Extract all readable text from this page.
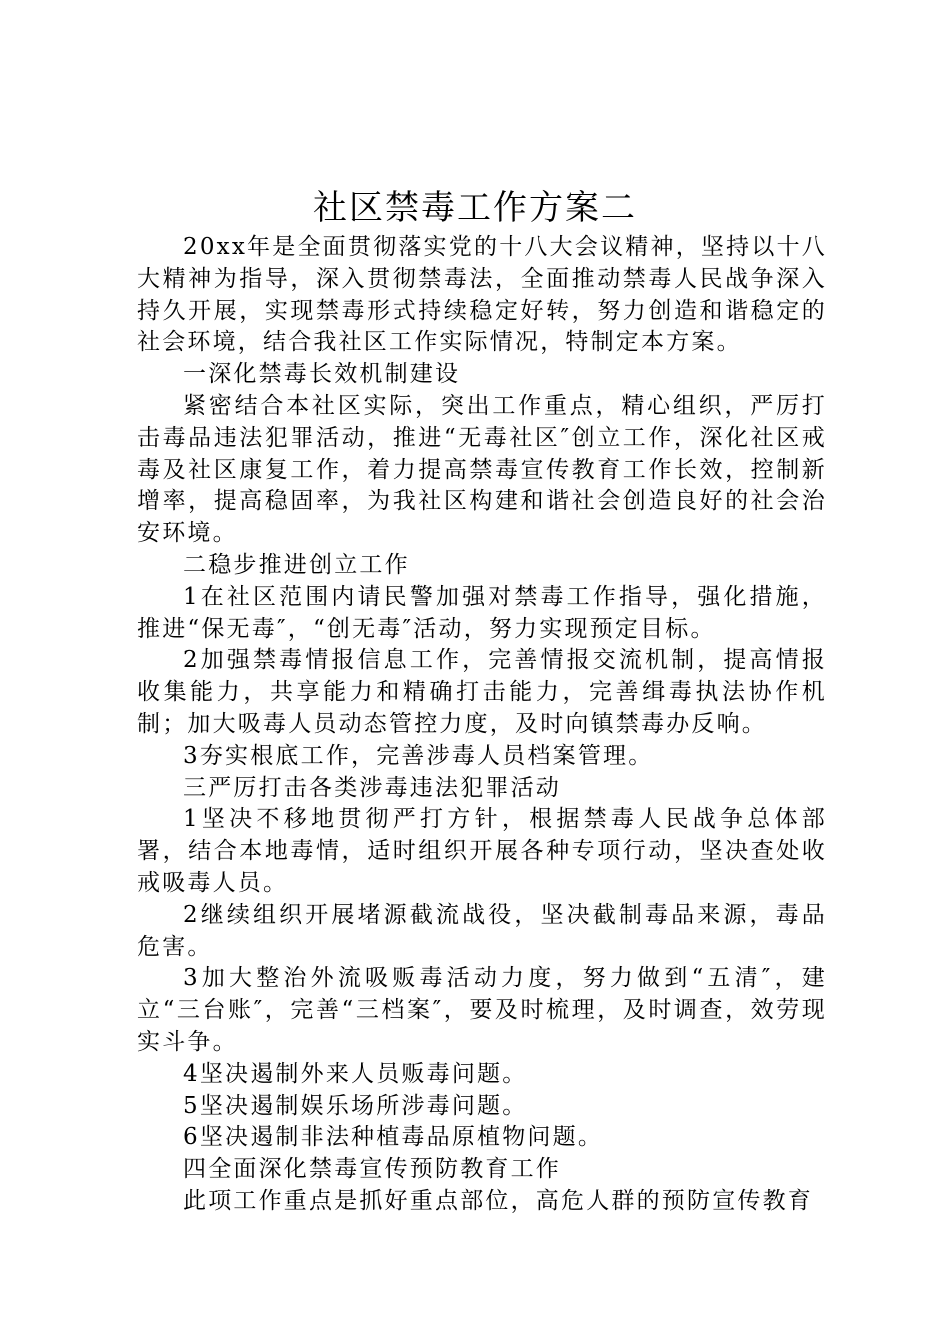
社区禁毒工作方案二

20xx年是全面贯彻落实党的十八大会议精神，坚持以十八大精神为指导，深入贯彻禁毒法，全面推动禁毒人民战争深入持久开展，实现禁毒形式持续稳定好转，努力创造和谐稳定的社会环境，结合我社区工作实际情况，特制定本方案。

一深化禁毒长效机制建设

紧密结合本社区实际，突出工作重点，精心组织，严厉打击毒品违法犯罪活动，推进“无毒社区″创立工作，深化社区戒毒及社区康复工作，着力提高禁毒宣传教育工作长效，控制新增率，提高稳固率，为我社区构建和谐社会创造良好的社会治安环境。

二稳步推进创立工作

1在社区范围内请民警加强对禁毒工作指导，强化措施，推进“保无毒″，“创无毒″活动，努力实现预定目标。

2加强禁毒情报信息工作，完善情报交流机制，提高情报收集能力，共享能力和精确打击能力，完善缉毒执法协作机制；加大吸毒人员动态管控力度，及时向镇禁毒办反响。

3夯实根底工作，完善涉毒人员档案管理。

三严厉打击各类涉毒违法犯罪活动

1坚决不移地贯彻严打方针，根据禁毒人民战争总体部署，结合本地毒情，适时组织开展各种专项行动，坚决查处收戒吸毒人员。

2继续组织开展堵源截流战役，坚决截制毒品来源，毒品危害。

3加大整治外流吸贩毒活动力度，努力做到“五清″，建立“三台账″，完善“三档案″，要及时梳理，及时调查，效劳现实斗争。

4坚决遏制外来人员贩毒问题。

5坚决遏制娱乐场所涉毒问题。

6坚决遏制非法种植毒品原植物问题。

四全面深化禁毒宣传预防教育工作

此项工作重点是抓好重点部位，高危人群的预防宣传教育
